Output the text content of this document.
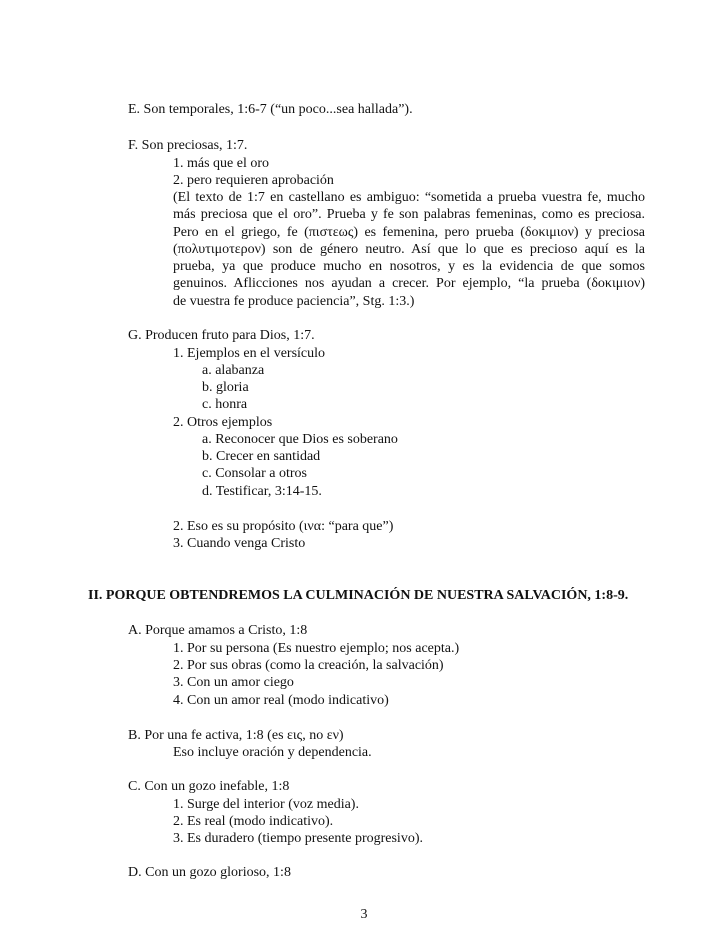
E. Son temporales, 1:6-7 (“un poco...sea hallada”).
F. Son preciosas, 1:7.
1. más que el oro
2. pero requieren aprobación
(El texto de 1:7 en castellano es ambiguo: “sometida a prueba vuestra fe, mucho
más preciosa que el oro”. Prueba y fe son palabras femeninas, como es preciosa.
Pero en el griego, fe (πιστεως) es femenina, pero prueba (δοκιμιον) y preciosa
(πολυτιμοτερον) son de género neutro. Así que lo que es precioso aquí es la
prueba, ya que produce mucho en nosotros, y es la evidencia de que somos
genuinos. Aflicciones nos ayudan a crecer. Por ejemplo, “la prueba (δοκιμιον)
de vuestra fe produce paciencia”, Stg. 1:3.)
G. Producen fruto para Dios, 1:7.
1. Ejemplos en el versículo
a. alabanza
b. gloria
c. honra
2. Otros ejemplos
a. Reconocer que Dios es soberano
b. Crecer en santidad
c. Consolar a otros
d. Testificar, 3:14-15.
2. Eso es su propósito (ινα: “para que”)
3. Cuando venga Cristo
II. PORQUE OBTENDREMOS LA CULMINACIÓN DE NUESTRA SALVACIÓN, 1:8-9.
A. Porque amamos a Cristo, 1:8
1. Por su persona (Es nuestro ejemplo; nos acepta.)
2. Por sus obras (como la creación, la salvación)
3. Con un amor ciego
4. Con un amor real (modo indicativo)
B. Por una fe activa, 1:8 (es εις, no εν)
Eso incluye oración y dependencia.
C. Con un gozo inefable, 1:8
1. Surge del interior (voz media).
2. Es real (modo indicativo).
3. Es duradero (tiempo presente progresivo).
D. Con un gozo glorioso, 1:8
3
